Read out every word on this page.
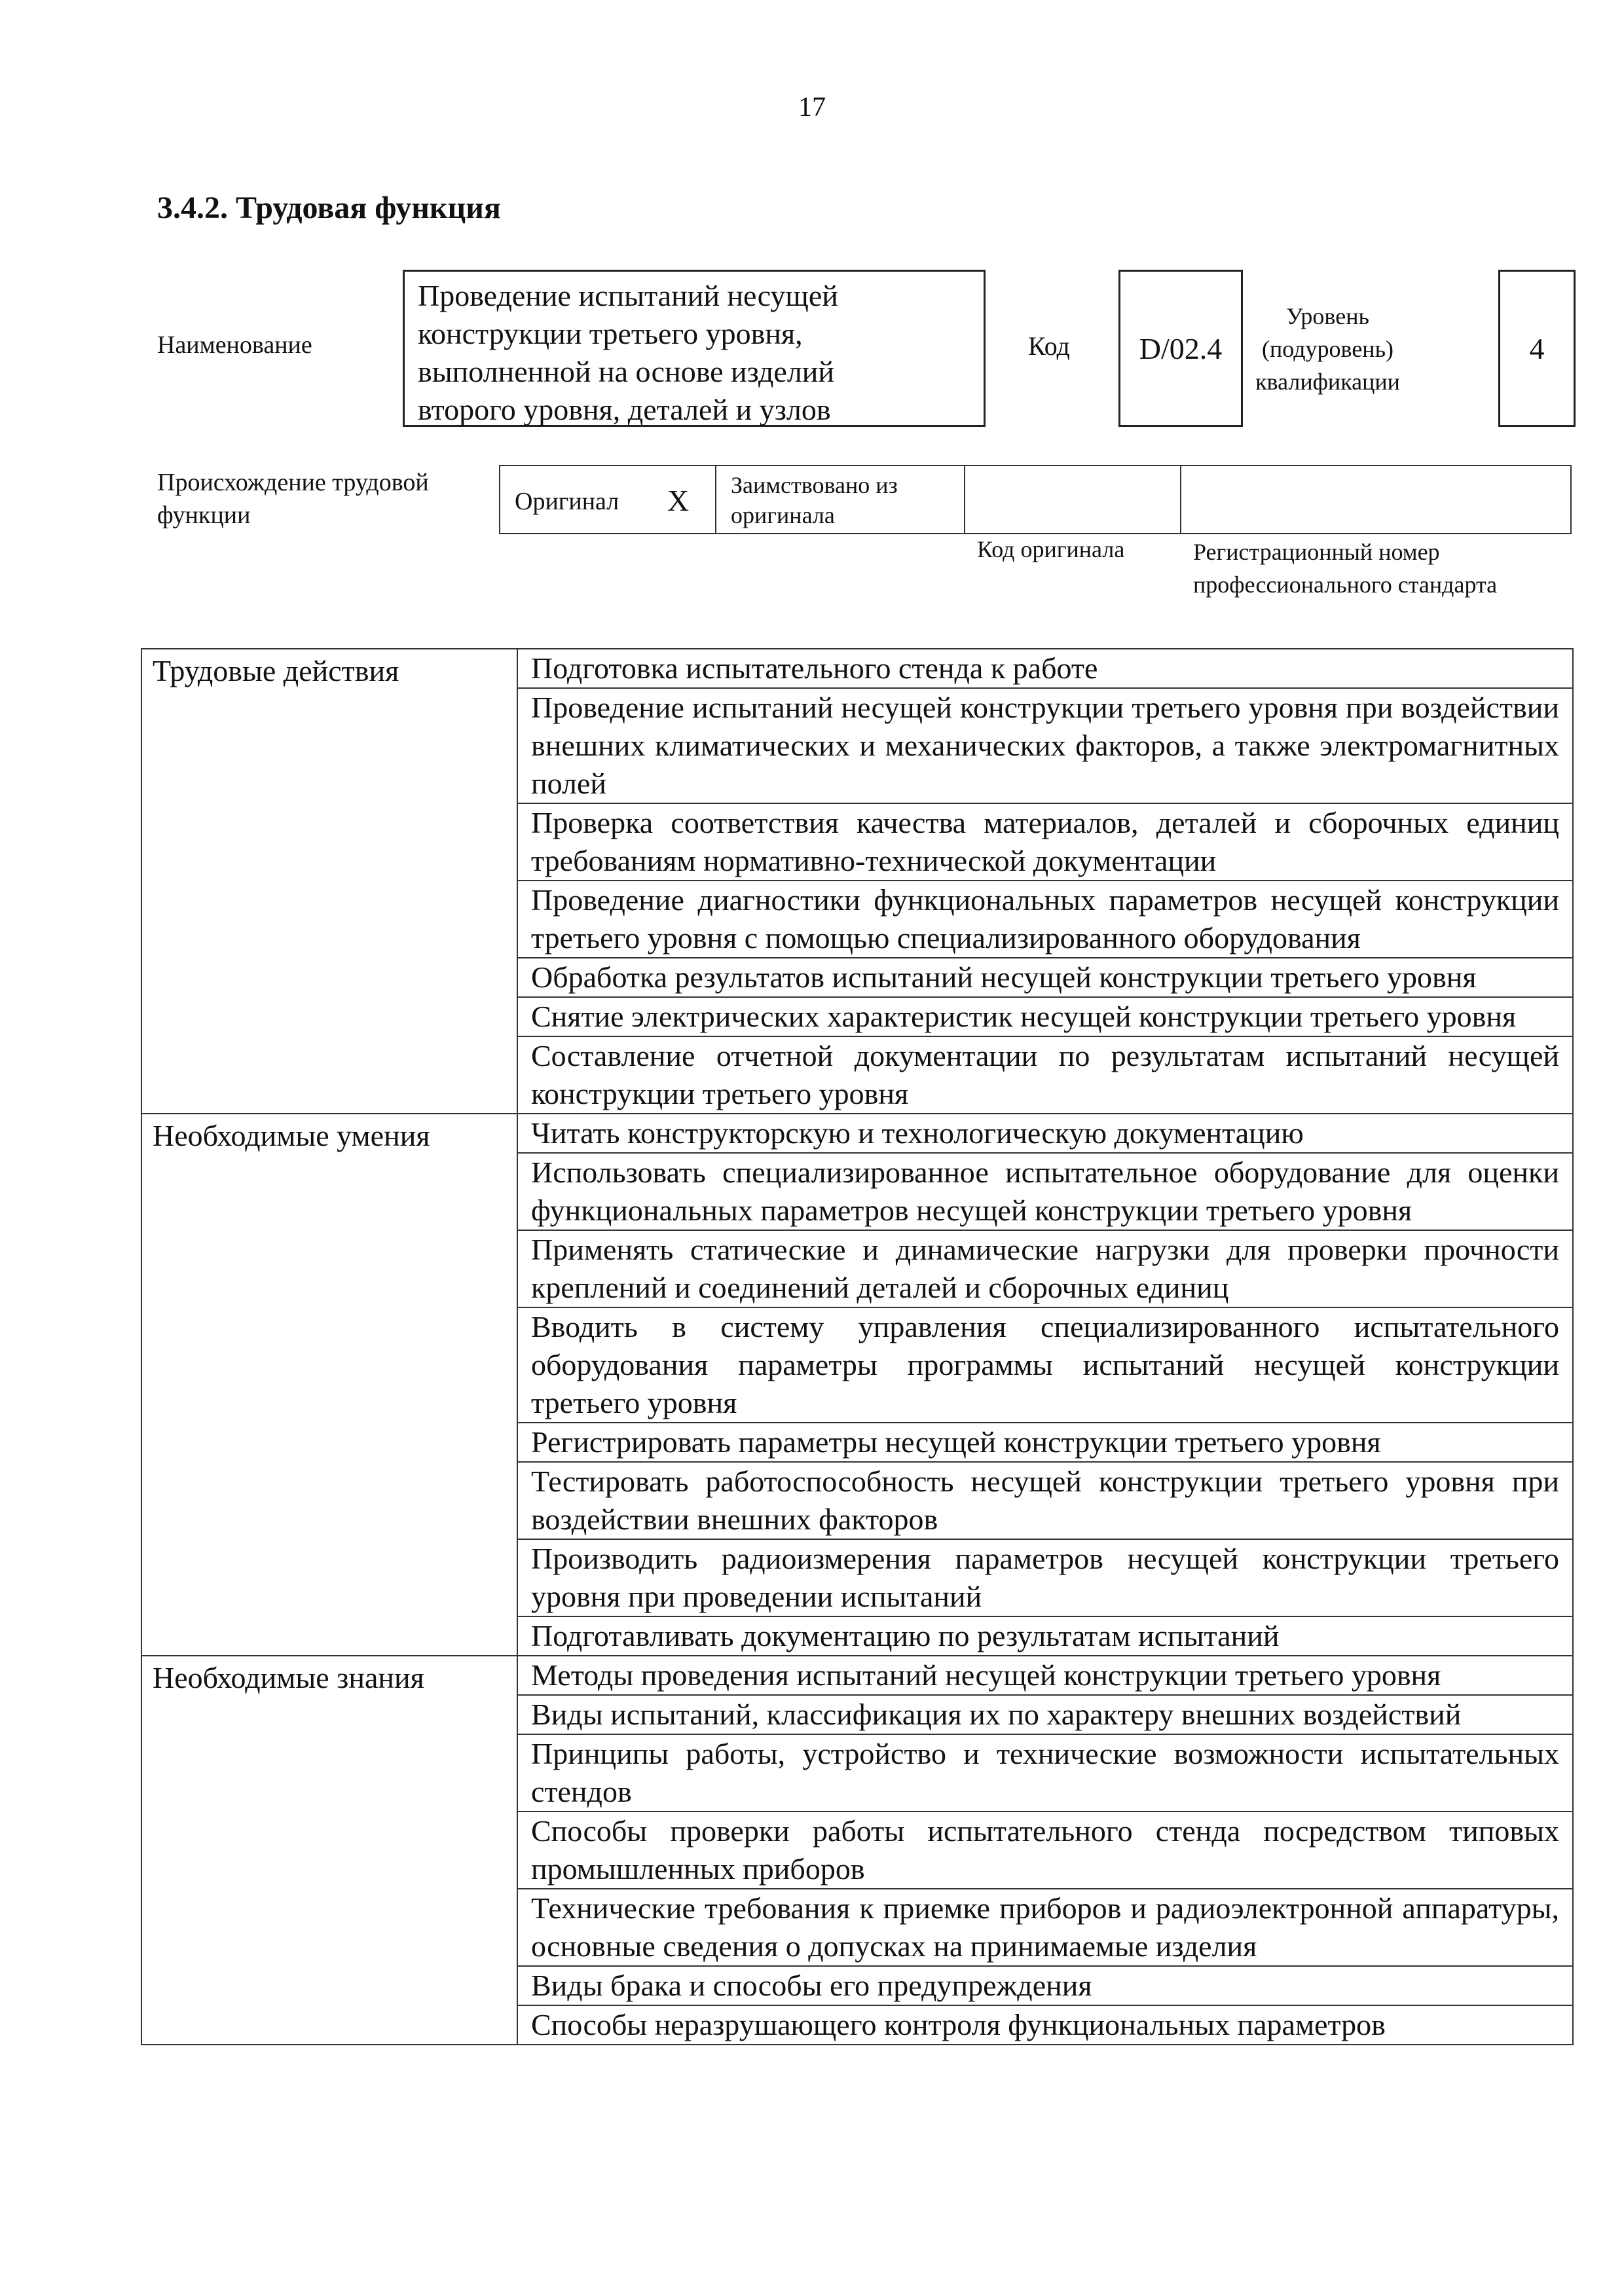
17
3.4.2. Трудовая функция
Наименование
Проведение испытаний несущей
конструкции третьего уровня,
выполненной на основе изделий
второго уровня, деталей и узлов
Код D/02.4
Уровень
(подуровень)
квалификации
4
Происхождение трудовой
функции	Оригинал X Заимствовано из
оригинала
Код оригинала	Регистрационный номер
профессионального стандарта
Трудовые действия	Подготовка испытательного стенда к работе
	Проведение испытаний несущей конструкции третьего уровня при воздействии внешних климатических и механических факторов, а также электромагнитных полей
	Проверка соответствия качества материалов, деталей и сборочных единиц требованиям нормативно-технической документации
	Проведение диагностики функциональных параметров несущей конструкции третьего уровня с помощью специализированного оборудования
	Обработка результатов испытаний несущей конструкции третьего уровня
	Снятие электрических характеристик несущей конструкции третьего уровня
	Составление отчетной документации по результатам испытаний несущей конструкции третьего уровня
Необходимые умения	Читать конструкторскую и технологическую документацию
	Использовать специализированное испытательное оборудование для оценки функциональных параметров несущей конструкции третьего уровня
	Применять статические и динамические нагрузки для проверки прочности креплений и соединений деталей и сборочных единиц
	Вводить в систему управления специализированного испытательного оборудования параметры программы испытаний несущей конструкции третьего уровня
	Регистрировать параметры несущей конструкции третьего уровня
	Тестировать работоспособность несущей конструкции третьего уровня при воздействии внешних факторов
	Производить радиоизмерения параметров несущей конструкции третьего уровня при проведении испытаний
	Подготавливать документацию по результатам испытаний
Необходимые знания	Методы проведения испытаний несущей конструкции третьего уровня
	Виды испытаний, классификация их по характеру внешних воздействий
	Принципы работы, устройство и технические возможности испытательных стендов
	Способы проверки работы испытательного стенда посредством типовых промышленных приборов
	Технические требования к приемке приборов и радиоэлектронной аппаратуры, основные сведения о допусках на принимаемые изделия
	Виды брака и способы его предупреждения
	Способы неразрушающего контроля функциональных параметров
